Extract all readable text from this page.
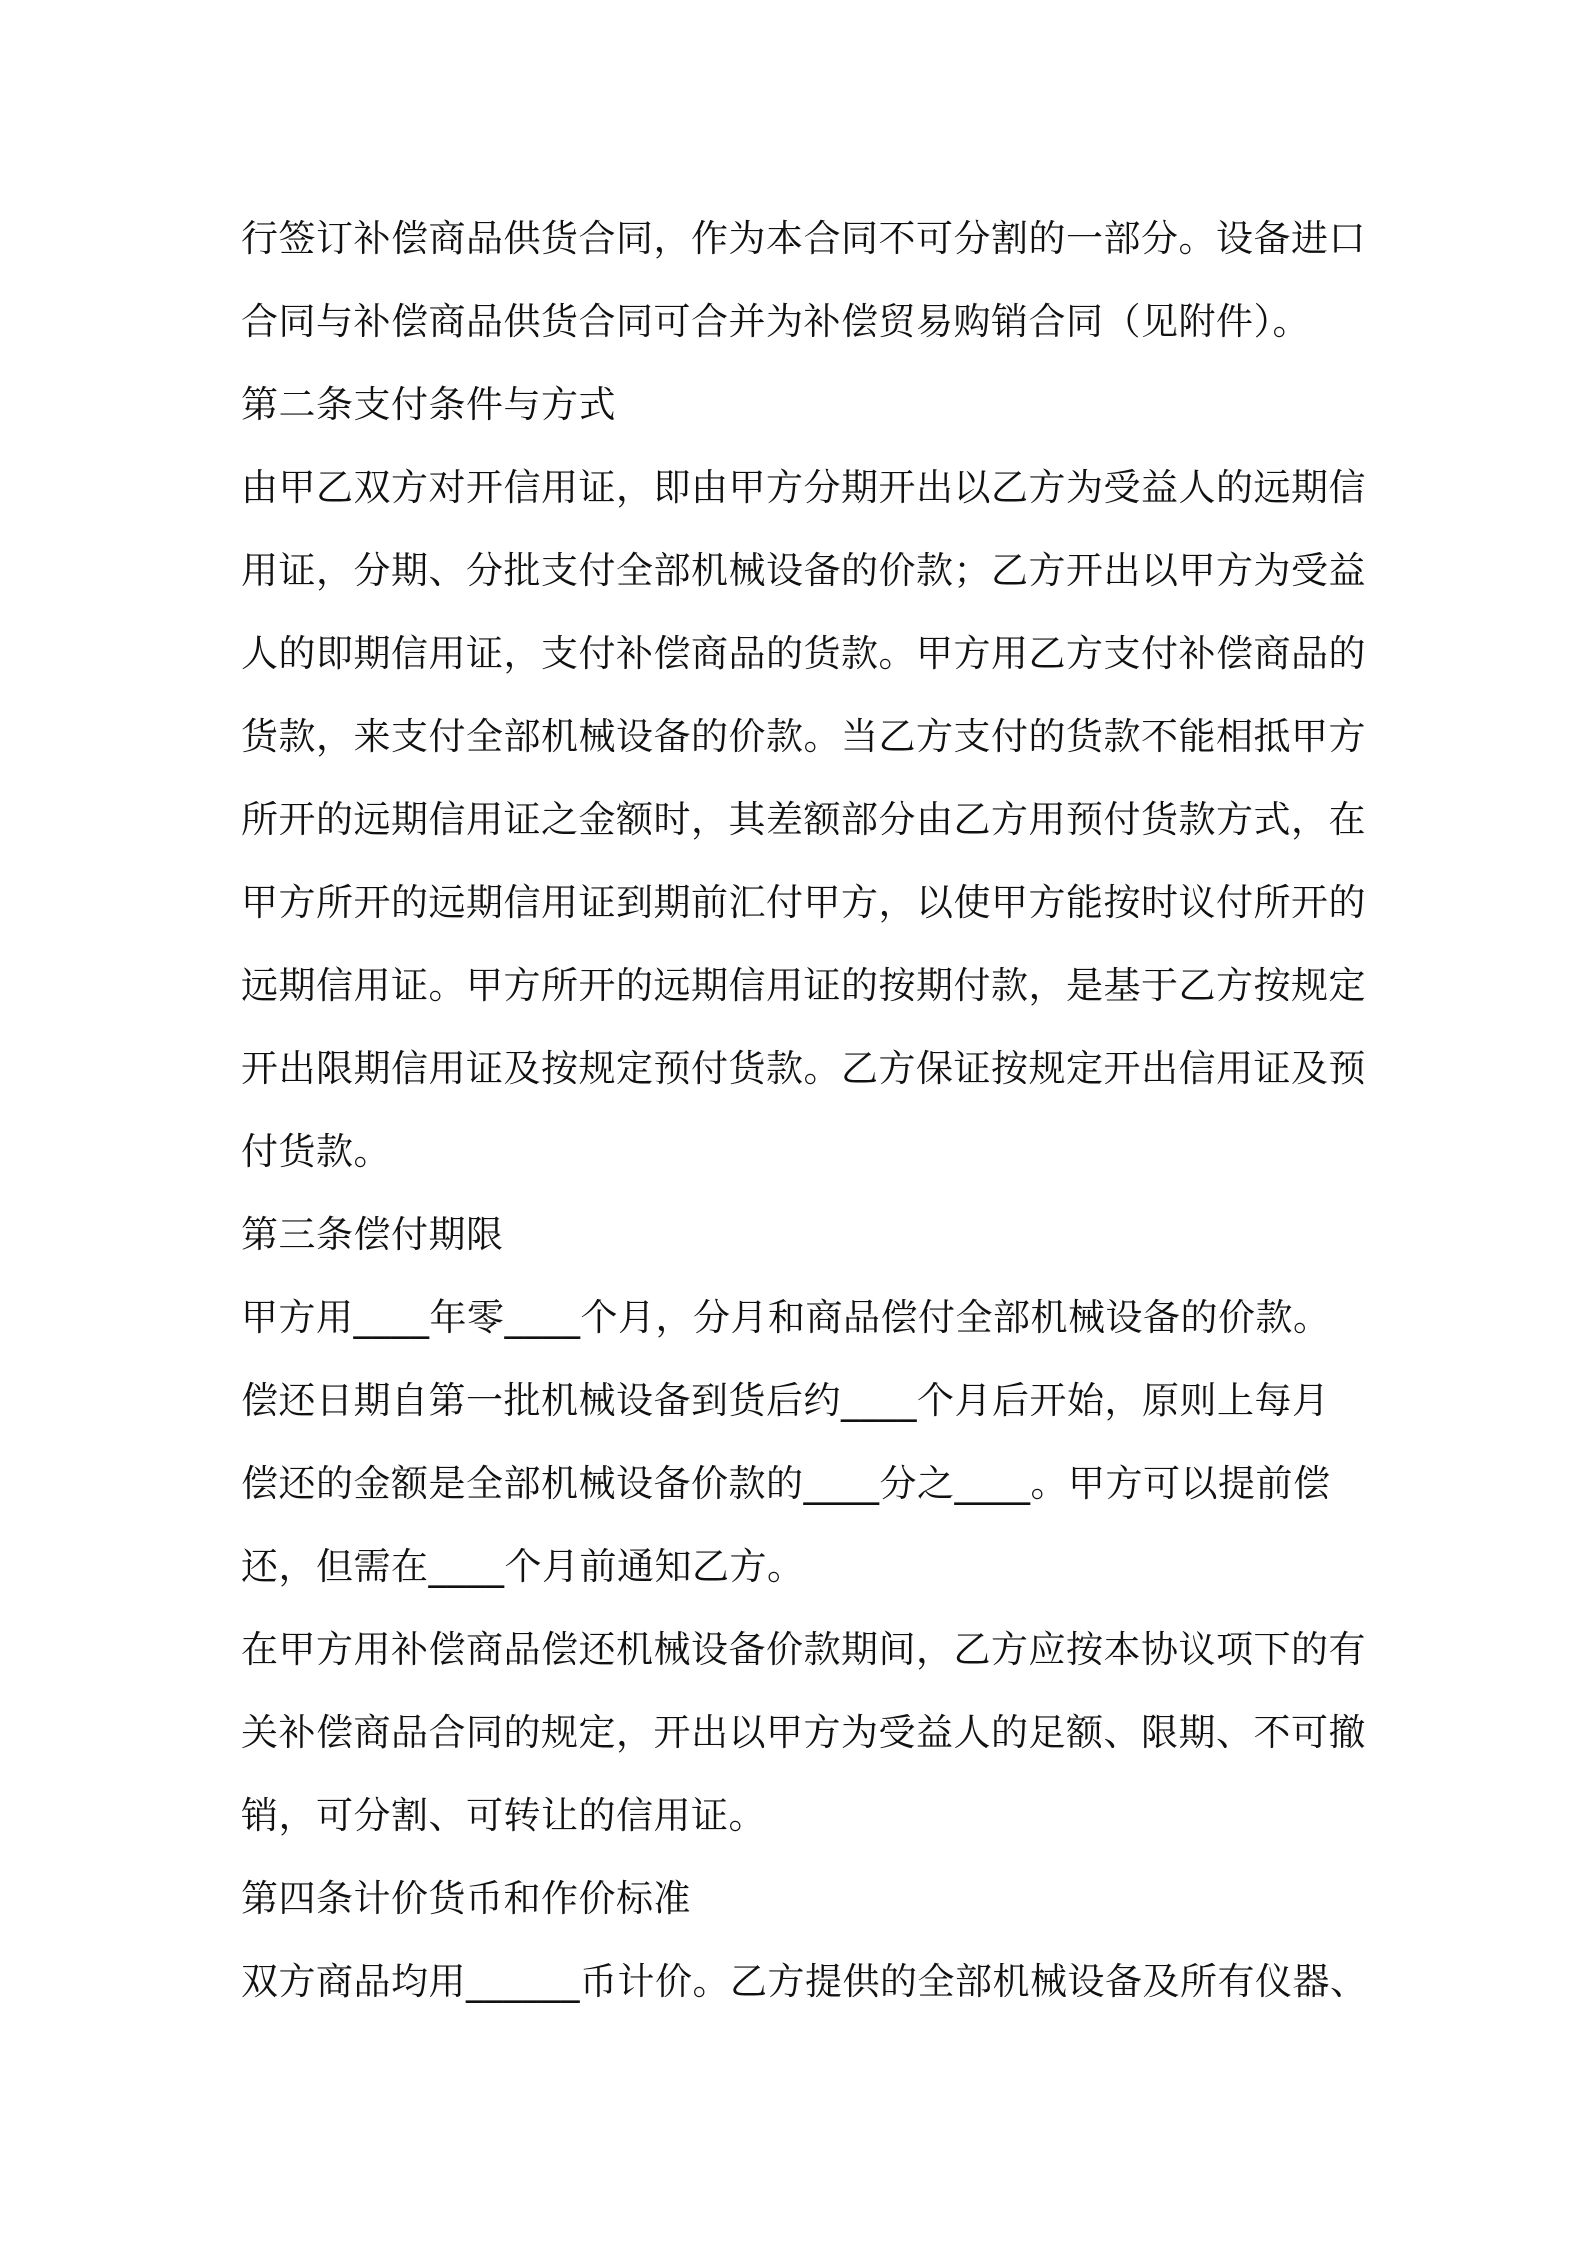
行签订补偿商品供货合同，作为本合同不可分割的一部分。设备进口
合同与补偿商品供货合同可合并为补偿贸易购销合同（见附件）。
第二条支付条件与方式
由甲乙双方对开信用证，即由甲方分期开出以乙方为受益人的远期信
用证，分期、分批支付全部机械设备的价款；乙方开出以甲方为受益
人的即期信用证，支付补偿商品的货款。甲方用乙方支付补偿商品的
货款，来支付全部机械设备的价款。当乙方支付的货款不能相抵甲方
所开的远期信用证之金额时，其差额部分由乙方用预付货款方式，在
甲方所开的远期信用证到期前汇付甲方，以使甲方能按时议付所开的
远期信用证。甲方所开的远期信用证的按期付款，是基于乙方按规定
开出限期信用证及按规定预付货款。乙方保证按规定开出信用证及预
付货款。
第三条偿付期限
甲方用____年零____个月，分月和商品偿付全部机械设备的价款。
偿还日期自第一批机械设备到货后约____个月后开始，原则上每月
偿还的金额是全部机械设备价款的____分之____。甲方可以提前偿
还，但需在____个月前通知乙方。
在甲方用补偿商品偿还机械设备价款期间，乙方应按本协议项下的有
关补偿商品合同的规定，开出以甲方为受益人的足额、限期、不可撤
销，可分割、可转让的信用证。
第四条计价货币和作价标准
双方商品均用______币计价。乙方提供的全部机械设备及所有仪器、
